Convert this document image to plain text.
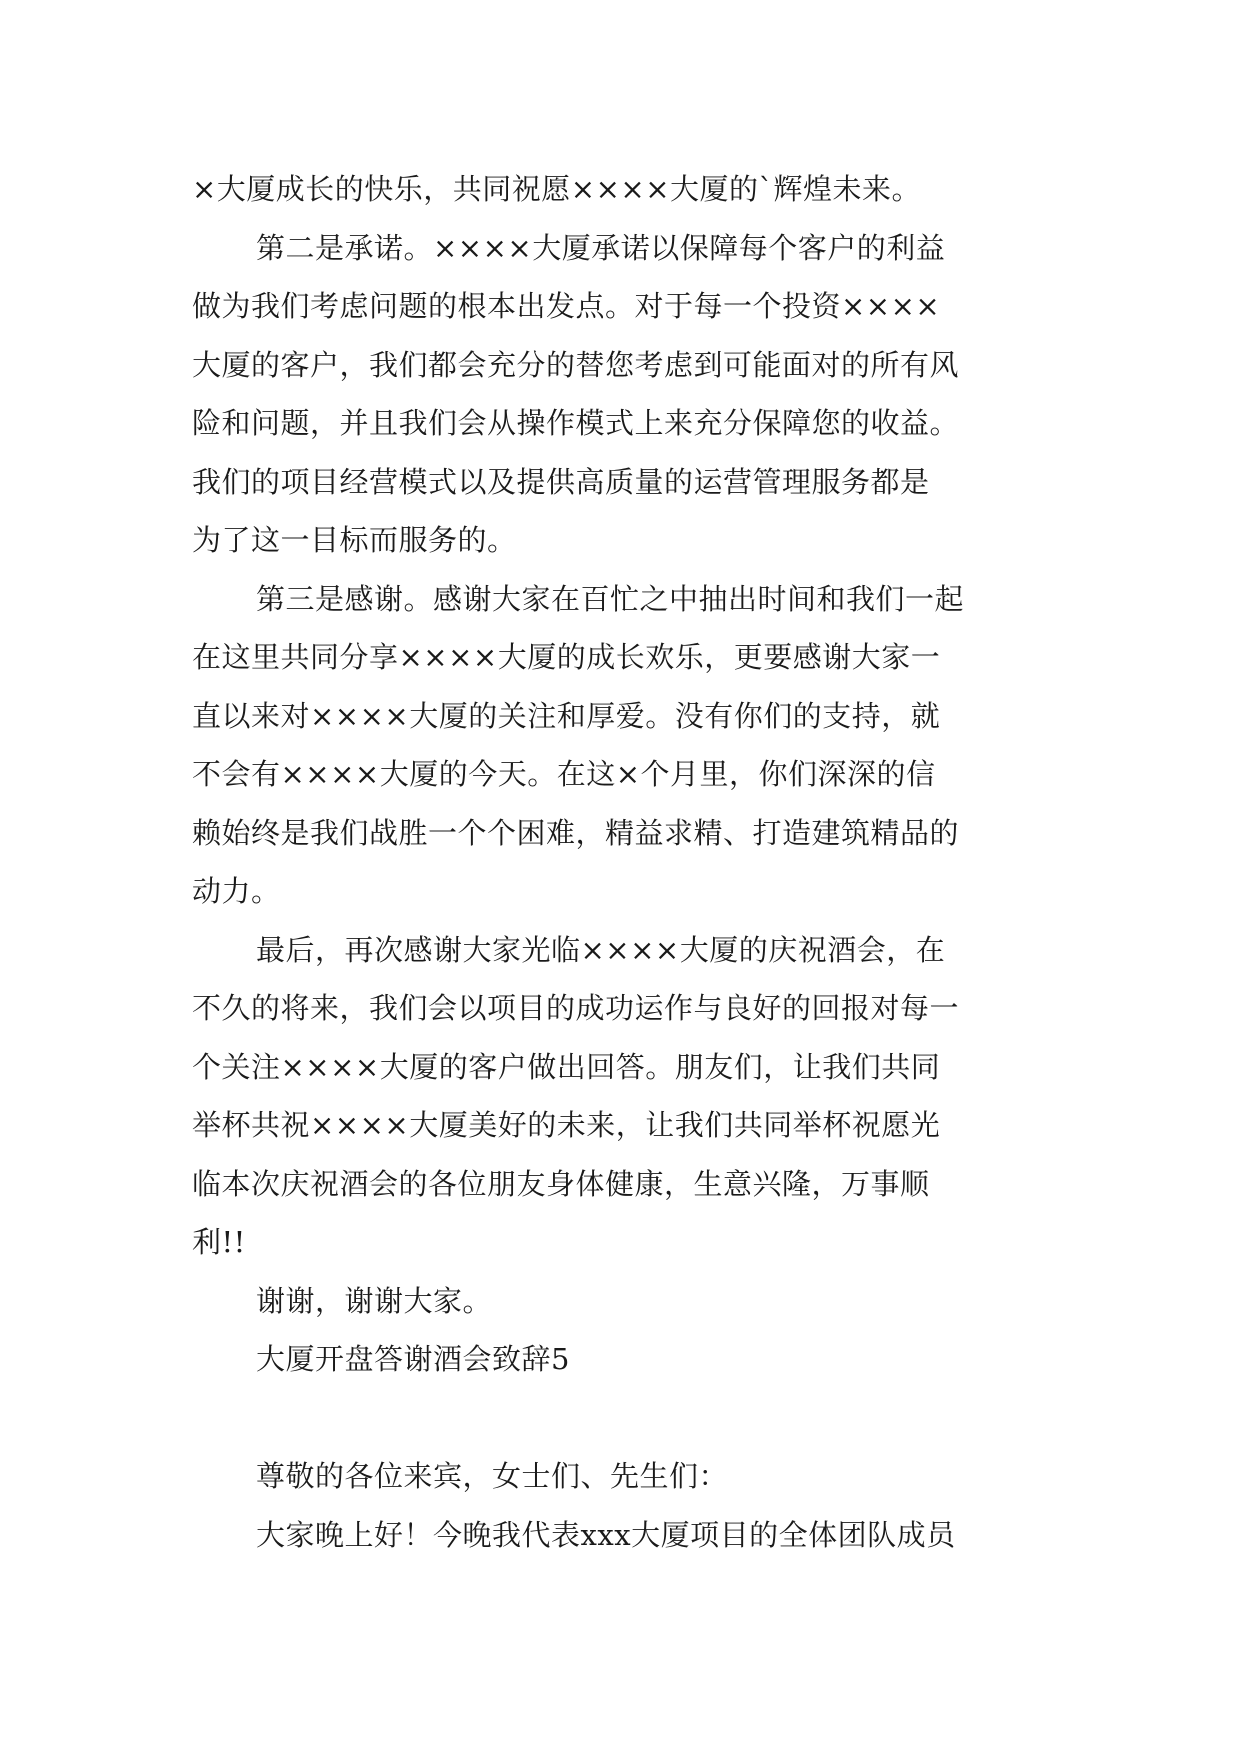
×大厦成长的快乐，共同祝愿××××大厦的`辉煌未来。

第二是承诺。××××大厦承诺以保障每个客户的利益
做为我们考虑问题的根本出发点。对于每一个投资××××
大厦的客户，我们都会充分的替您考虑到可能面对的所有风
险和问题，并且我们会从操作模式上来充分保障您的收益。
我们的项目经营模式以及提供高质量的运营管理服务都是
为了这一目标而服务的。

第三是感谢。感谢大家在百忙之中抽出时间和我们一起
在这里共同分享××××大厦的成长欢乐，更要感谢大家一
直以来对××××大厦的关注和厚爱。没有你们的支持，就
不会有××××大厦的今天。在这×个月里，你们深深的信
赖始终是我们战胜一个个困难，精益求精、打造建筑精品的
动力。

最后，再次感谢大家光临××××大厦的庆祝酒会，在
不久的将来，我们会以项目的成功运作与良好的回报对每一
个关注××××大厦的客户做出回答。朋友们，让我们共同
举杯共祝××××大厦美好的未来，让我们共同举杯祝愿光
临本次庆祝酒会的各位朋友身体健康，生意兴隆，万事顺
利!!

谢谢，谢谢大家。

大厦开盘答谢酒会致辞5

尊敬的各位来宾，女士们、先生们：

大家晚上好！今晚我代表xxx大厦项目的全体团队成员
